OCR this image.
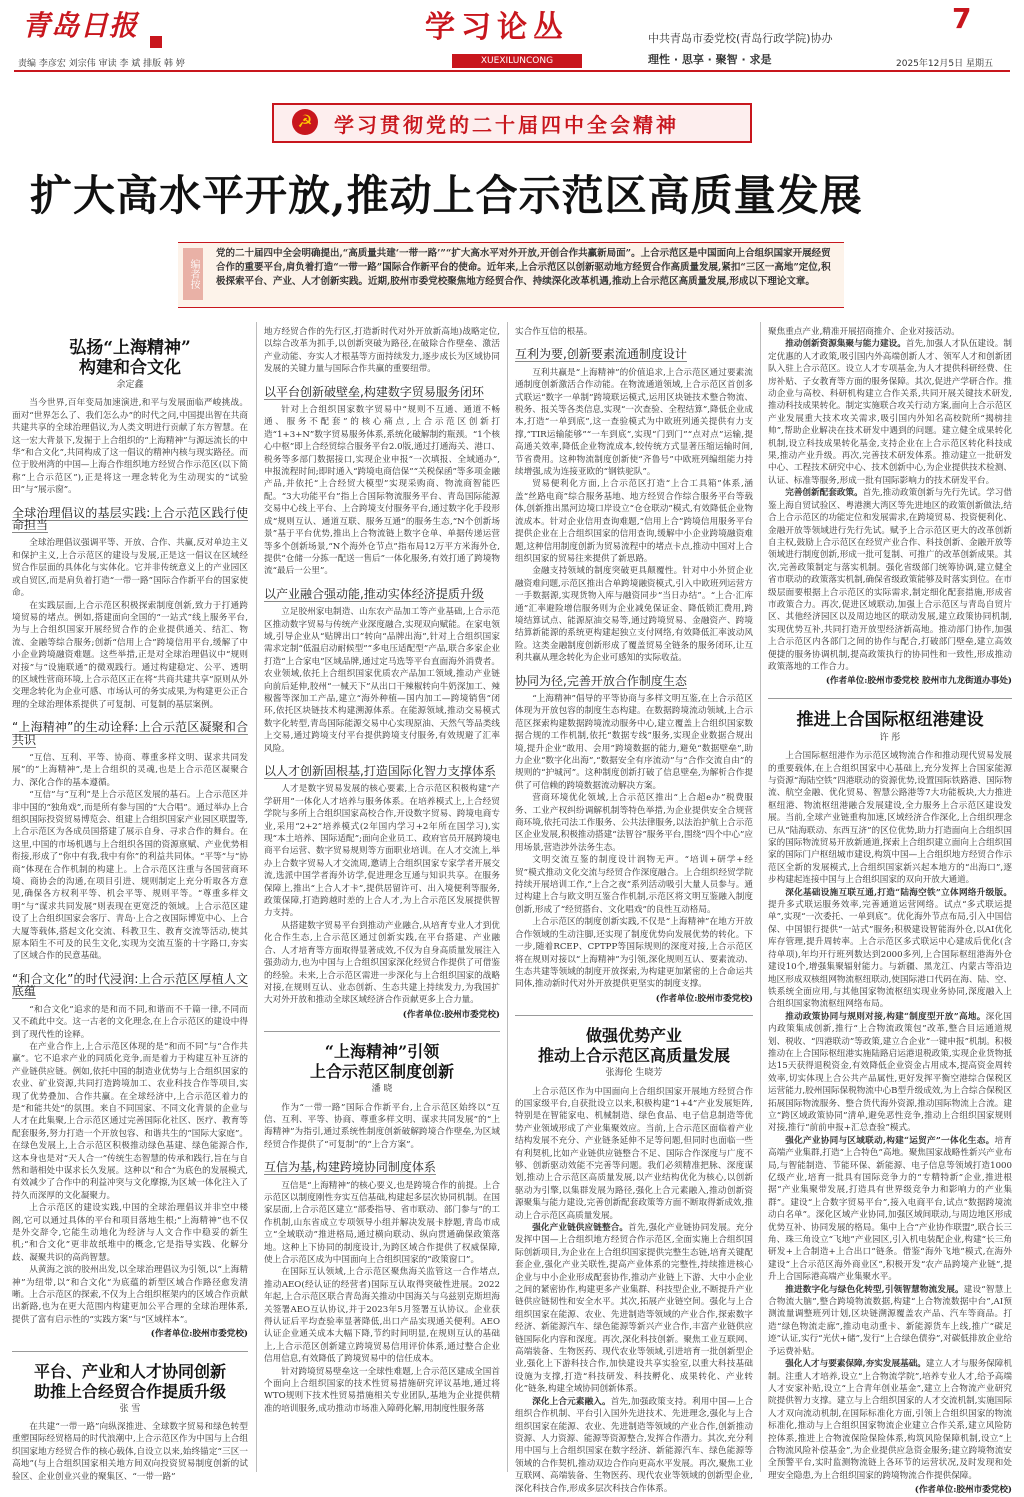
青岛日报
责编 李彦宏 刘宗伟 审读 李 斌 排版 韩 婷
学习论丛
XUEXILUNCONG
中共青岛市委党校(青岛行政学院)协办
理性 · 思享 · 聚智 · 求是
7
2025年12月5日 星期五
☭ 学习贯彻党的二十届四中全会精神
扩大高水平开放,推动上合示范区高质量发展
编者按
党的二十届四中全会明确提出,“高质量共建‘一带一路’”“扩大高水平对外开放,开创合作共赢新局面”。上合示范区是中国面向上合组织国家开展经贸合作的重要平台,肩负着打造“一带一路”国际合作新平台的使命。近年来,上合示范区以创新驱动地方经贸合作高质量发展,紧扣“三区一高地”定位,积极探索平台、产业、人才创新实践。近期,胶州市委党校聚焦地方经贸合作、持续深化改革机遇,推动上合示范区高质量发展,形成以下理论文章。
弘扬“上海精神”
构建和合文化
余定鑫

当今世界,百年变局加速演进,和平与发展面临严峻挑战。面对“世界怎么了、我们怎么办”的时代之问,中国提出智在共商共建共享的全球治理倡议,为人类文明进行贡献了东方智慧。在这一宏大背景下,发掘于上合组织的“上海精神”与源远流长的中华“和合文化”,共同构成了这一倡议的精神内核与现实路径。而位于胶州湾的中国—上海合作组织地方经贸合作示范区(以下简称“上合示范区”),正是将这一理念转化为生动现实的“试验田”与“展示窗”。

全球治理倡议的基层实践:上合示范区践行使命担当

全球治理倡议强调平等、开放、合作、共赢,反对单边主义和保护主义,上合示范区的建设与发展,正是这一倡议在区域经贸合作层面的具体化与实体化。它并非传统意义上的产业园区或自贸区,而是肩负着打造“一带一路”国际合作新平台的国家使命。

在实践层面,上合示范区积极探索制度创新,致力于打通跨境贸易的堵点。例如,搭建面向全国的“一站式”线上服务平台,为与上合组织国家开展经贸合作的企业提供通关、结汇、物流、金融等综合服务;创新“信用上合”跨境信用平台,缓解了中小企业跨境融资难题。这些举措,正是对全球治理倡议中“规则对接”与“设施联通”的微观践行。通过构建稳定、公平、透明的区域性营商环境,上合示范区正在将“共商共建共享”原则从外交理念转化为企业可感、市场认可的务实成果,为构建更公正合理的全球治理体系提供了可复制、可复制的基层案例。

“上海精神”的生动诠释:上合示范区凝聚和合共识

“互信、互利、平等、协商、尊重多样文明、谋求共同发展”的“上海精神”,是上合组织的灵魂,也是上合示范区凝聚合力、深化合作的基本遵循。

“互信”与“互利”是上合示范区发展的基石。上合示范区并非中国的“独角戏”,而是所有参与国的“大合唱”。通过举办上合组织国际投资贸易博览会、组建上合组织国家产业园区联盟等,上合示范区为各成员国搭建了展示自身、寻求合作的舞台。在这里,中国的市场机遇与上合组织各国的资源禀赋、产业优势相衔接,形成了“你中有我,我中有你”的利益共同体。“平等”与“协商”体现在合作机制的构建上。上合示范区注重与各国营商环境、商协会的沟通,在项目引进、规则制定上充分听取各方意见,确保各方权利平等、机会平等、规则平等。“尊重多样文明”与“谋求共同发展”则表现在更宽泛的领域。上合示范区建设了上合组织国家会客厅、青岛·上合之夜国际博览中心、上合大厦等载体,搭起文化交流、科教卫生、教育交流等活动,使其原本陌生不可及的民生文化,实现为交流互鉴的十字路口,夯实了区域合作的民意基础。

“和合文化”的时代浸润:上合示范区厚植人文底蕴

“和合文化”追求的是和而不同,和谐而不千篇一律,不同而又不疏此中交。这一古老的文化理念,在上合示范区的建设中得到了现代性的诠释。

在产业合作上,上合示范区体现的是“和而不同”与“合作共赢”。它不追求产业的同质化竞争,而是着力于构建互补互济的产业链供应链。例如,依托中国的制造业优势与上合组织国家的农业、矿业资源,共同打造跨境加工、农业科技合作等项目,实现了优势叠加、合作共赢。在全球经济中,上合示范区着力的是“和能共处”的氛围。来自不同国家、不同文化背景的企业与人才在此集聚,上合示范区通过完善国际化社区、医疗、教育等配套服务,努力打造一个开放包容、和谐共生的“国际大家庭”。在绿色发展上,上合示范区积极推动绿色基建、绿色能源合作,这本身也是对“天人合一”传统生态智慧的传承和践行,旨在与自然和谐相处中谋求长久发展。这种以“和合”为底色的发展模式,有效减少了合作中的利益冲突与文化摩擦,为区域一体化注入了持久而深厚的文化凝聚力。

上合示范区的建设实践,中国的全球治理倡议并非空中楼阁,它可以通过具体的平台和项目落地生根;“上海精神”也不仅是外交辞令,它能生动地化为经济与人文合作中稳妥的新生机;“和合文化”更非故纸堆中的概念,它是指导实践、化解分歧、凝聚共识的高尚智慧。

从黄海之滨的胶州出发,以全球治理倡议为引领,以“上海精神”为纽带,以“和合文化”为底蕴的新型区域合作路径愈发清晰。上合示范区的探索,不仅为上合组织框架内的区域合作贡献出新路,也为在更大范围内构建更加公平合理的全球治理体系,提供了富有启示性的“实践方案”与“区域样本”。

(作者单位:胶州市委党校)
平台、产业和人才协同创新
助推上合经贸合作提质升级
张 雪

在共建“一带一路”向纵深推进、全球数字贸易和绿色转型重塑国际经贸格局的时代浪潮中,上合示范区作为中国与上合组织国家地方经贸合作的核心载体,自设立以来,始终锚定“三区一高地”(与上合组织国家相关地方间双向投资贸易制度创新的试验区、企业创业兴业的聚集区、“一带一路”

地方经贸合作的先行区,打造新时代对外开放新高地)战略定位,以综合改革为抓手,以创新突破为路径,在破除合作壁垒、激活产业动能、夯实人才根基等方面持续发力,逐步成长为区域协同发展的关键力量与国际合作共赢的重要纽带。

以平台创新破壁垒,构建数字贸易服务闭环

针对上合组织国家数字贸易中“规则不互通、通道不畅通、服务不配套”的核心痛点,上合示范区创新打造“1+3+N”数字贸易服务体系,系统化破解制约瓶颈。“1个核心中枢”即上合经贸综合服务平台2.0版,通过打通海关、港口、税务等多部门数据接口,实现企业申报“一次填报、全域通办”,申报流程时间;即时通入“跨境电商信保”“关税保函”等多项金融产品,并依托“上合经贸大模型”实现采购商、物流商智能匹配。“3大功能平台”指上合国际物流服务平台、青岛国际能源交易中心线上平台、上合跨境支付服务平台,通过数字化手段形成“规则互认、通道互联、服务互通”的服务生态,“N个创新场景”基于平台优势,推出上合物流链上数字仓单、单据传递运营等多个创新场景,“N个海外仓节点”指布局12万平方米海外仓,提供“仓储一分拣一配送一售后”一体化服务,有效打通了跨境物流“最后一公里”。

以产业融合强动能,推动实体经济提质升级

立足胶州家电制造、山东农产品加工等产业基础,上合示范区推动数字贸易与传统产业深度融合,实现双向赋能。在家电领域,引导企业从“贴牌出口”转向“品牌出海”,针对上合组织国家需求定制“低温启动耐候型”“多电压适配型”产品,联合多家企业打造“上合家电”区域品牌,通过定马选等平台直面海外消费者。农业领域,依托上合组织国家优质农产品加工领域,推动产业链向前后延伸,胶州“一械天下”从出口干辣椒转向牛奶深加工、辣椒酱等深加工产品,建立“海外种植—国内加工—跨境销售”闭环,依托区块链技术构建溯源体系。在能源领域,推动交易模式数字化转型,青岛国际能源交易中心实现原油、天然气等品类线上交易,通过跨境支付平台提供跨境支付服务,有效规避了汇率风险。

以人才创新固根基,打造国际化智力支撑体系

人才是数字贸易发展的核心要素,上合示范区积极构建“产学研用”一体化人才培养与服务体系。在培养模式上,上合经贸学院与多所上合组织国家高校合作,开设数字贸易、跨境电商专业,采用“2+2”培养模式(2年国内学习+2年所在国学习),实现“本土培养、国际适配”;面向企业员工、政府官员开展跨境电商平台运营、数字贸易规则等方面职业培训。在人才交流上,举办上合数字贸易人才交流周,邀请上合组织国家专家学者开展交流,选派中国学者海外访学,促进理念互通与知识共享。在服务保障上,推出“上合人才卡”,提供居留许可、出入境便利等服务,政策保障,打造跨越时差的上合人才,为上合示范区发展提供智力支持。

从搭建数字贸易平台到推动产业融合,从培育专业人才到优化合作生态,上合示范区通过创新实践,在平台搭建、产业融合、人才培育等方面取得显著成效,不仅为自身高质量发展注入强劲动力,也为中国与上合组织国家深化经贸合作提供了可借鉴的经验。未来,上合示范区需进一步深化与上合组织国家的战略对接,在规则互认、业态创新、生态共建上持续发力,为我国扩大对外开放和推动全球区域经济合作贡献更多上合力量。

(作者单位:胶州市委党校)
“上海精神”引领
上合示范区制度创新
潘 晓

作为“一带一路”国际合作新平台,上合示范区始终以“互信、互利、平等、协商、尊重多样文明、谋求共同发展”的“上海精神”为指引,通过系统性制度创新破解跨境合作壁垒,为区域经贸合作提供了“可复制”的“上合方案”。

互信为基,构建跨境协同制度体系

互信是“上海精神”的核心要义,也是跨境合作的前提。上合示范区以制度刚性夯实互信基础,构建起多层次协同机制。在国家层面,上合示范区建立“部委指导、省市联动、部门参与”的工作机制,山东省成立专项领导小组并解决发展卡脖题,青岛市成立“全域联动”推进格局,通过横向联动、纵向贯通确保政策落地。这种上下协同的制度设计,为跨区域合作提供了权威保障,使上合示范区成为中国面向上合组织国家的“政策窗口”。

在国际互认领域,上合示范区聚焦海关监管这一合作堵点,推动AEO(经认证的经营者)国际互认取得突破性进展。2022年起,上合示范区联合青岛海关推动中国海关与乌兹别克斯坦海关签署AEO互认协议,并于2023年5月签署互认协议。企业获得认证后平均查验率显著降低,出口产品实现通关便利。AEO认证企业通关成本大幅下降,节约时间明显,在规则互认的基础上,上合示范区创新建立跨境贸易信用评价体系,通过整合企业信用信息,有效降低了跨境贸易中的信任成本。

针对跨境贸易壁垒这一全球性难题,上合示范区建成全国首个面向上合组织国家的技术性贸易措施研究评议基地,通过将WTO规则下技术性贸易措施相关专业团队,基地为企业提供精准的培训服务,成功推动市场准入障碍化解,用制度性服务落

实合作互信的根基。

互利为要,创新要素流通制度设计

互利共赢是“上海精神”的价值追求,上合示范区通过要素流通制度创新激活合作动能。在物流通道领域,上合示范区首创多式联运“数字一单制”跨境联运模式,运用区块链技术整合物流、税务、报关等各类信息,实现“一次查验、全程结算”,降低企业成本,打造“一单到底”,这一查验模式为中欧班列通关提供有力支撑,“TIR运输能够”“一车到底”,实现“门到门”“点对点”运输,提高通关效率,降低企业物流成本,较传统方式显著压缩运输时间,节省费用。这种物流制度创新使“齐鲁号”中欧班列编组能力持续增强,成为连接亚欧的“钢铁驼队”。

贸易便利化方面,上合示范区打造“上合工具箱”体系,涵盖“丝路电商”综合服务基地、地方经贸合作综合服务平台等载体,创新推出黑河边境口岸设立“仓仓联动”模式,有效降低企业物流成本。针对企业信用查询难题,“信用上合”跨境信用服务平台提供企业在上合组织国家的信用查询,缓解中小企业跨境融资难题,这种信用制度创新为贸易流程中的堵点卡点,推动中国对上合组织国家的贸易往来提供了新思路。

金融支持领域的制度突破更具颠覆性。针对中小外贸企业融资难问题,示范区推出合单跨境融资模式,引入中欧班列运营方一手数据源,实现货物入库与融资同步“当日办结”。“上合·汇库通”汇率避险增信服务则为企业减免保证金、降低锁汇费用,跨境结算试点、能源原油交易等,通过跨境贸易、金融资产、跨境结算新能源的系统更构建起独立支付网络,有效降低汇率波动风险。这类金融制度创新形成了覆盖贸易全链条的服务闭环,让互利共赢从理念转化为企业可感知的实际收益。

协同为径,完善开放合作制度生态

“上海精神”倡导的平等协商与多样文明互鉴,在上合示范区体现为开放包容的制度生态构建。在数据跨境流动领域,上合示范区探索构建数据跨境流动服务中心,建立覆盖上合组织国家数据合规的工作机制,依托“数据专线”服务,实现企业数据合规出境,提升企业“敢用、会用”跨境数据的能力,避免“数据壁垒”,助力企业“数字化出海”,“数据安全有序流动”与“合作交流自由”的规则的“护城河”。这种制度创新打破了信息壁垒,为解析合作提供了可信赖的跨境数据流动解决方案。

营商环境优化领域,上合示范区推出“上合超e办”税费服务、工业产权纠纷调解机制等特色举措,为企业提供安全合规营商环境,依托司法工作服务、公共法律服务,以法治护航上合示范区企业发展,积极推动搭建“法智谷”服务平台,围绕“四个中心”应用场景,营造涉外法务生态。

文明交流互鉴的制度设计润物无声。“培训+研学+经贸”模式推动文化交流与经贸合作深度融合。上合组织经贸学院持续开展培训工作,“上合之夜”系列活动吸引大量人员参与。通过构建上合与欧文明互鉴合作机制,示范区将文明互鉴融入制度创新,形成了“经贸搭台、文化唱戏”的良性互动格局。

上合示范区的制度创新实践,不仅是“上海精神”在地方开放合作领域的生动注脚,还实现了制度优势向发展优势的转化。下一步,随着RCEP、CPTPP等国际规则的深度对接,上合示范区将在规则对接以“上海精神”为引领,深化规则互认、要素流动、生态共建等领域的制度开放探索,为构建更加紧密的上合命运共同体,推动新时代对外开放提供更坚实的制度支撑。

(作者单位:胶州市委党校)
做强优势产业
推动上合示范区高质量发展
张海伦 生晓芳

上合示范区作为中国面向上合组织国家开展地方经贸合作的国家级平台,自获批设立以来,积极构建“1+4”产业发展矩阵,特别是在智能家电、机械制造、绿色食品、电子信息制造等优势产业领域形成了产业集聚效应。当前,上合示范区面临着产业结构发展不充分、产业链条延伸不足等问题,但同时也面临一些有利契机,比如产业链供应链整合不足、国际合作深度与广度不够、创新驱动效能不完善等问题。我们必须精准把脉、深度谋划,推动上合示范区高质量发展,以产业结构优化为核心,以创新驱动为引擎,以集群发展为路径,强化上合元素融入,推动创新资源聚集与能力建设,完善创新配套政策等方面不断取得新成效,推动上合示范区高质量发展。

强化产业链供应链整合。首先,强化产业链协同发展。充分发挥中国—上合组织地方经贸合作示范区,全面实施上合组织国际创新项目,为企业在上合组织国家提供完整生态链,培育关键配套企业,强化产业关联性,提高产业体系的完整性,持续推进核心企业与中小企业形成配套协作,推动产业链上下游、大中小企业之间的紧密协作,构建更多产业集群、科技型企业,不断提升产业链供应链韧性和安全水平。其次,拓展产业链空间。强化与上合组织国家在能源、农业、先进制造等领域的产业合作,探索数字经济、新能源汽车、绿色能源等新兴产业合作,丰富产业链供应链国际化内容和深度。再次,深化科技创新。聚焦工业互联网、高端装备、生物医药、现代农业等领域,引进培育一批创新型企业,强化上下游科技合作,加快建设共享实验室,以重大科技基础设施为支撑,打造“科技研发、科技孵化、成果转化、产业转化”链条,构建全域协同创新体系。

深化上合元素融入。首先,加强政策支持。利用中国—上合组织合作机制、平台引入国外先进技术、先进理念,强化与上合组织国家在能源、农业、先进制造等领域的产业合作,创新推动资源、人力资源、能源等资源整合,发挥合作潜力。其次,充分利用中国与上合组织国家在数字经济、新能源汽车、绿色能源等领域的合作契机,推动双边合作向更高水平发展。再次,聚焦工业互联网、高端装备、生物医药、现代农业等领域的创新型企业,深化科技合作,形成多层次科技合作体系。

聚焦重点产业,精准开展招商推介、企业对接活动。

推动创新资源集聚与能力建设。首先,加强人才队伍建设。制定优惠的人才政策,吸引国内外高端创新人才、领军人才和创新团队入驻上合示范区。设立人才专项基金,为人才提供科研经费、住房补贴、子女教育等方面的服务保障。其次,促进产学研合作。推动企业与高校、科研机构建立合作关系,共同开展关键技术研发,推动科技成果转化。制定实施联合攻关行动方案,面向上合示范区产业发展重大技术攻关需求,吸引国内外知名高校院所“揭榜挂帅”,帮助企业解决在技术研发中遇到的问题。建立健全成果转化机制,设立科技成果转化基金,支持企业在上合示范区转化科技成果,推动产业升级。再次,完善技术研发体系。推动建立一批研发中心、工程技术研究中心、技术创新中心,为企业提供技术检测、认证、标准等服务,形成一批有国际影响力的技术研发平台。

完善创新配套政策。首先,推动政策创新与先行先试。学习借鉴上海自贸试验区、粤港澳大湾区等先进地区的政策创新做法,结合上合示范区的功能定位和发展需求,在跨境贸易、投资便利化、金融开放等领域进行先行先试。赋予上合示范区更大的改革创新自主权,鼓励上合示范区在经贸产业合作、科技创新、金融开放等领域进行制度创新,形成一批可复制、可推广的改革创新成果。其次,完善政策制定与落实机制。强化省级部门统筹协调,建立健全省市联动的政策落实机制,确保省级政策能够及时落实到位。在市级层面要根据上合示范区的实际需求,制定细化配套措施,形成省市政策合力。再次,促进区域联动,加强上合示范区与青岛自贸片区、其他经济园区以及周边地区的联动发展,建立政策协同机制,实现优势互补,共同打造开放型经济新高地。推动部门协作,加强上合示范区内各部门之间的协作与配合,打破部门壁垒,建立高效便捷的服务协调机制,提高政策执行的协同性和一致性,形成推动政策落地的工作合力。

(作者单位:胶州市委党校 胶州市九龙街道办事处)
推进上合国际枢纽港建设
许 彤

上合国际枢纽港作为示范区域物流合作和推动现代贸易发展的重要载体,在上合组织国家中心基础上,充分发挥上合国家能源与资源“海陆空铁”四港联动的资源优势,设置国际铁路港、国际物流、航空金融、优化贸易、智慧公路港等7大功能板块,大力推进枢纽港、物流枢纽港融合发展建设,全力服务上合示范区建设发展。当前,全球产业链重构加速,区域经济合作深化,上合组织理念已从“陆海联动、东西互济”的区位优势,助力打造面向上合组织国家的国际物流贸易开放新通道,探索上合组织建立面向上合组织国家的国际门户枢纽城市建设,构筑中国—上合组织地方经贸合作示范区全新的发展模式,上合组织国家新兴起本地方的“出海口”,逐步构建起连接中国与上合组织国家的双向开放大通道。

深化基础设施互联互通,打造“陆海空铁”立体网络升级版。提升多式联运服务效率,完善通道运营网络。试点“多式联运提单”,实现“一次委托、一单到底”。优化海外节点布局,引入中国信保、中国银行提供“一站式”服务;积极建设智能海外仓,以AI优化库存管理,提升周转率。上合示范区多式联运中心建成后优化(含待单项),年均开行班列数达到2000多列,上合国际枢纽港海外仓建设10个,增强集聚辐射能力。与新疆、黑龙江、内蒙古等沿边地区形成双核组网物流枢纽联动,使国际港口代码在海、陆、空、铁系统全面应用,与其他国家物流枢纽实现业务协同,深度融入上合组织国家物流枢纽网络布局。

推动政策协同与规则对接,构建“制度型开放”高地。深化国内政策集成创新,推行“上合物流政策包”改革,整合目运通道规划、税收、“四港联动”等政策,建立合企业“一键申报”机制。积极推动在上合国际枢纽港实施陆路启运港退税政策,实现企业货物抵达15天获得退税资金,有效降低企业资金占用成本,提高资金周转效率,切实体现上合公共产品属性,更好发挥平衡空港综合保税区运营能力,胶州国际保税物流中心B型升级成效,为上合综合保税区拓展国际物流服务、整合货代海外资源,推动国际物流上合流。建立“跨区域政策协同”清单,避免恶性竞争,推动上合组织国家规则对接,推行“前前申报+汇总查验”模式。

强化产业协同与区域联动,构建“运贸产”一体化生态。培育高端产业集群,打造“上合特色”高地。聚焦国家战略性新兴产业布局,与智能制造、节能环保、新能源、电子信息等领域打造1000亿级产业,培育一批具有国际竞争力的“专精特新”企业,推进根据“产业集聚带发展,打造具有世界级竞争力和影响力的产业集群”。建设“上合数字贸易平台”,接入电商平台,试点“数据跨境流动白名单”。深化区域产业协同,加强区域间联动,与周边地区形成优势互补、协同发展的格局。集中上合“产业协作联盟”,联合长三角、珠三角设立“飞地”产业园区,引入机电装配企业,构建“长三角研发+上合制造+上合出口”链条。借鉴“海外飞地”模式,在海外建设“上合示范区海外商业区”,积极开发“农产品跨境产业链”,提升上合国际港高端产业集聚水平。

推进数字化与绿色化转型,引领智慧物流发展。建设“智慧上合物流大脑”,整合跨境物流数据,构建“上合物流数据中台”,AI预测流量调整班列计划,区块链溯源覆盖农产品、汽车等商品。打造“绿色物流走廊”,推动电动重卡、新能源货车上线,推广“碳足迹”认证,实行“光伏+储”,发行“上合绿色债券”,对碳低排放企业给予运费补贴。

强化人才与要素保障,夯实发展基础。建立人才与服务保障机制。注重人才培养,设立“上合物流学院”,培养专业人才,给予高端人才安家补贴,设立“上合青年创业基金”,建立上合物流产业研究院提供智力支撑。建立与上合组织国家的人才交流机制,实施国际人才双向流动机制,在国际标准化方面,引领上合组织国家的物流标准化,推动与上合组织国家物流企业建立合作关系,建立风险防控体系,推进上合物流保险保险体系,构筑风险保障机制,设立“上合物流风险补偿基金”,为企业提供应急资金服务;建立跨境物流安全预警平台,实时监测物流链上各环节的运营状况,及时发现和处理安全隐患,为上合组织国家的跨境物流合作提供保障。

(作者单位:胶州市委党校)
